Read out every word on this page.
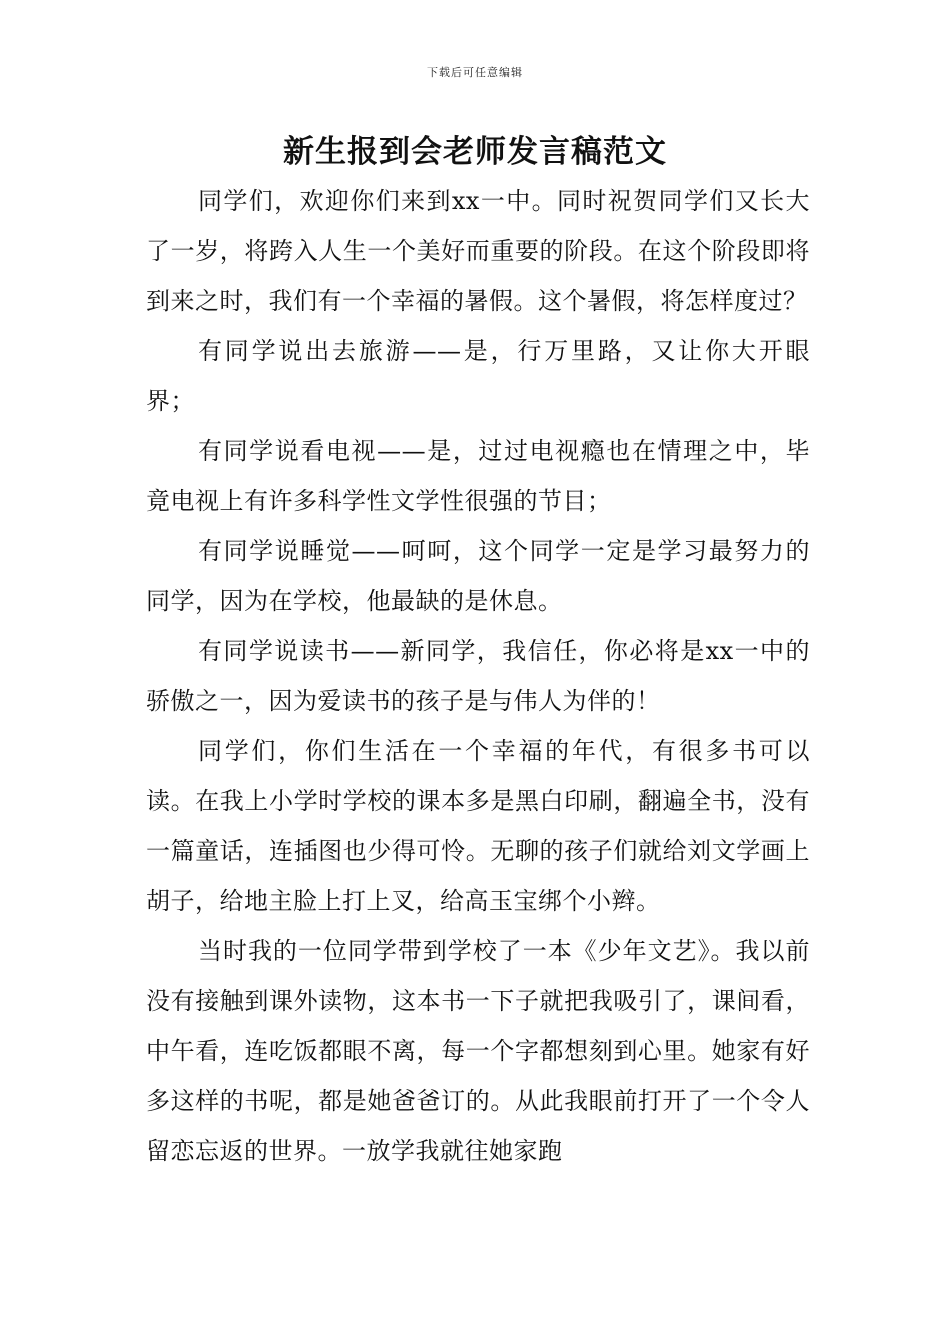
下载后可任意编辑
新生报到会老师发言稿范文

同学们，欢迎你们来到xx一中。同时祝贺同学们又长大了一岁，将跨入人生一个美好而重要的阶段。在这个阶段即将到来之时，我们有一个幸福的暑假。这个暑假，将怎样度过？

有同学说出去旅游——是，行万里路，又让你大开眼界；

有同学说看电视——是，过过电视瘾也在情理之中，毕竟电视上有许多科学性文学性很强的节目；

有同学说睡觉——呵呵，这个同学一定是学习最努力的同学，因为在学校，他最缺的是休息。

有同学说读书——新同学，我信任，你必将是xx一中的骄傲之一，因为爱读书的孩子是与伟人为伴的！

同学们，你们生活在一个幸福的年代，有很多书可以读。在我上小学时学校的课本多是黑白印刷，翻遍全书，没有一篇童话，连插图也少得可怜。无聊的孩子们就给刘文学画上胡子，给地主脸上打上叉，给高玉宝绑个小辫。

当时我的一位同学带到学校了一本《少年文艺》。我以前没有接触到课外读物，这本书一下子就把我吸引了，课间看，中午看，连吃饭都眼不离，每一个字都想刻到心里。她家有好多这样的书呢，都是她爸爸订的。从此我眼前打开了一个令人留恋忘返的世界。一放学我就往她家跑
